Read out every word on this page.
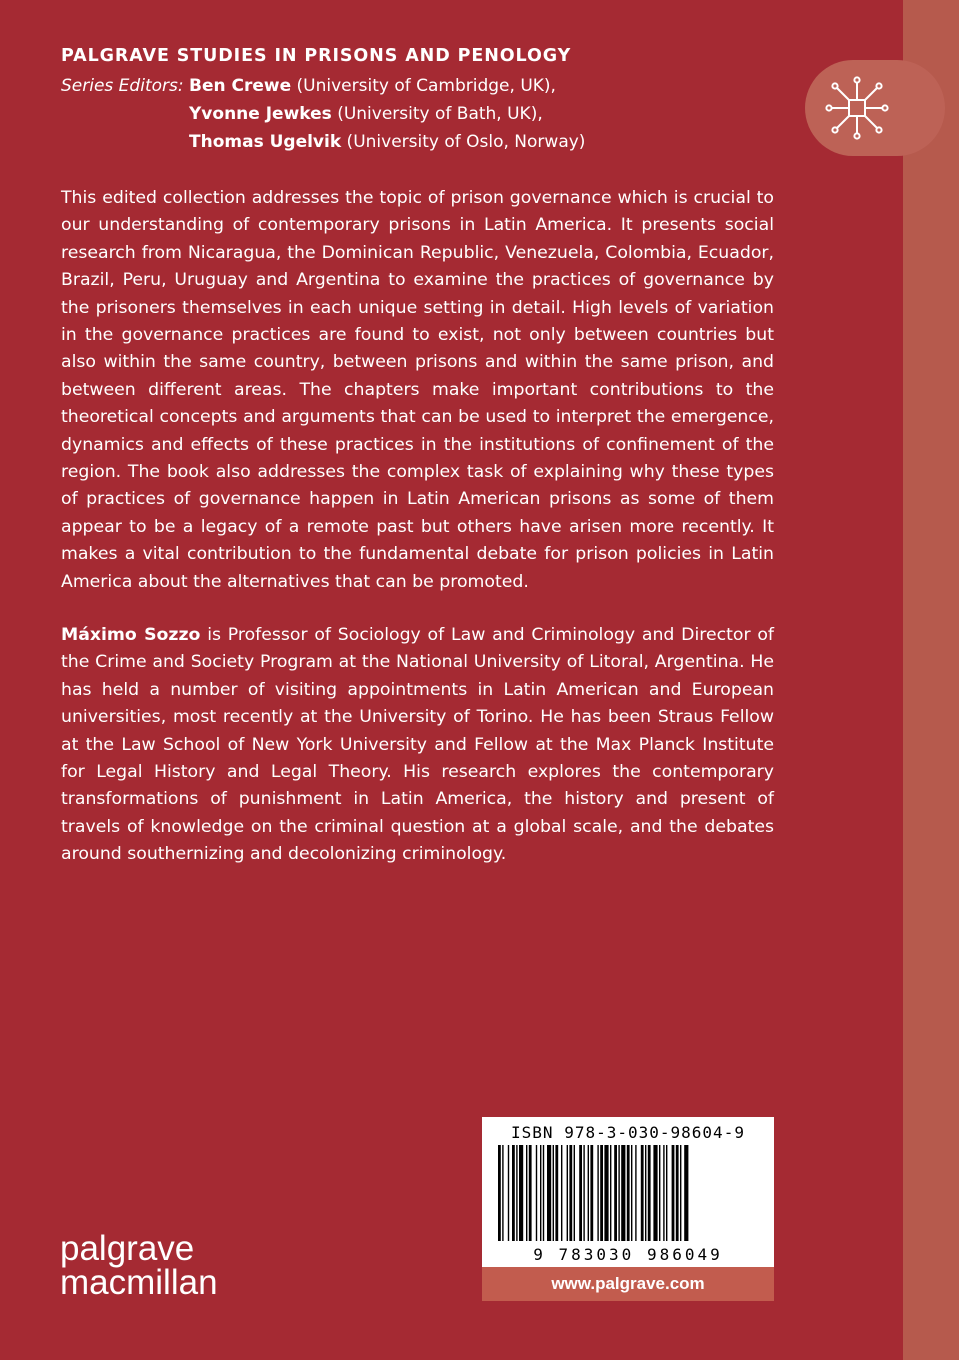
PALGRAVE STUDIES IN PRISONS AND PENOLOGY
Series Editors: Ben Crewe (University of Cambridge, UK),
Yvonne Jewkes (University of Bath, UK),
Thomas Ugelvik (University of Oslo, Norway)

This edited collection addresses the topic of prison governance which is crucial to our understanding of contemporary prisons in Latin America. It presents social research from Nicaragua, the Dominican Republic, Venezuela, Colombia, Ecuador, Brazil, Peru, Uruguay and Argentina to examine the practices of governance by the prisoners themselves in each unique setting in detail. High levels of variation in the governance practices are found to exist, not only between countries but also within the same country, between prisons and within the same prison, and between different areas. The chapters make important contributions to the theoretical concepts and arguments that can be used to interpret the emergence, dynamics and effects of these practices in the institutions of confinement of the region. The book also addresses the complex task of explaining why these types of practices of governance happen in Latin American prisons as some of them appear to be a legacy of a remote past but others have arisen more recently. It makes a vital contribution to the fundamental debate for prison policies in Latin America about the alternatives that can be promoted.

Máximo Sozzo is Professor of Sociology of Law and Criminology and Director of the Crime and Society Program at the National University of Litoral, Argentina. He has held a number of visiting appointments in Latin American and European universities, most recently at the University of Torino. He has been Straus Fellow at the Law School of New York University and Fellow at the Max Planck Institute for Legal History and Legal Theory. His research explores the contemporary transformations of punishment in Latin America, the history and present of travels of knowledge on the criminal question at a global scale, and the debates around southernizing and decolonizing criminology.

ISBN 978-3-030-98604-9
9 783030 986049
www.palgrave.com
palgrave
macmillan
